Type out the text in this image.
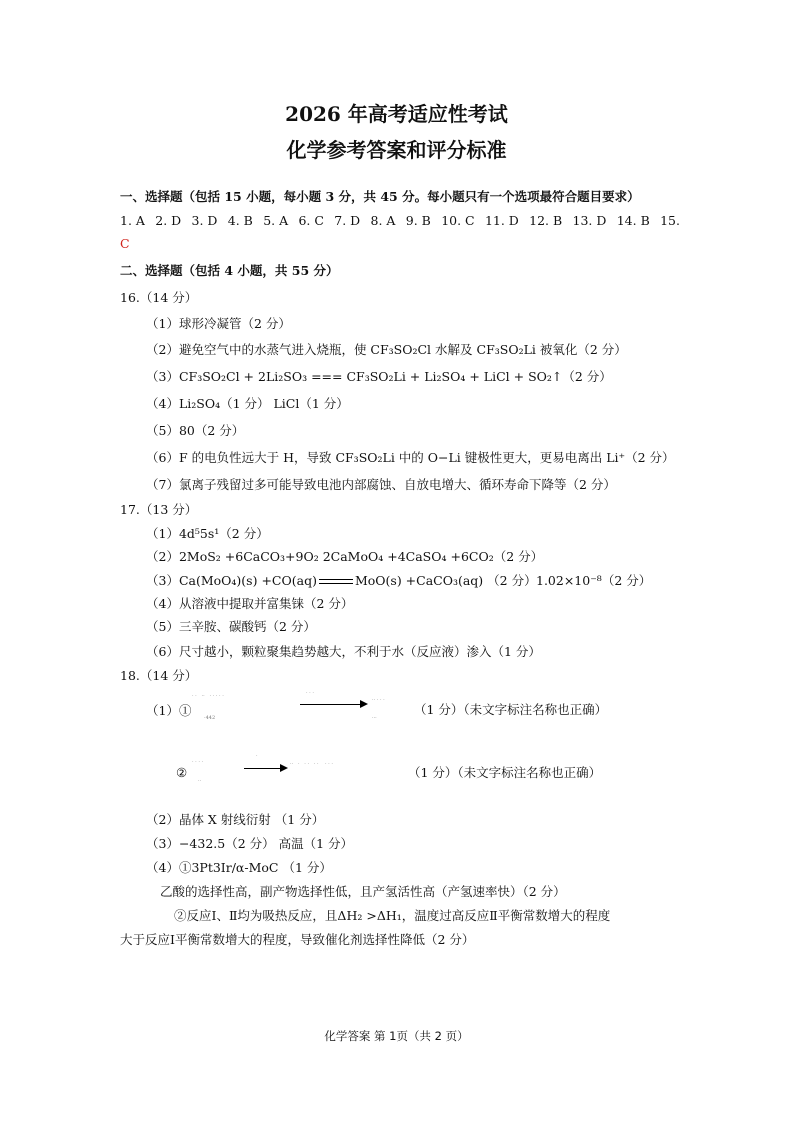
2026 年高考适应性考试
化学参考答案和评分标准
一、选择题（包括 15 小题，每小题 3 分，共 45 分。每小题只有一个选项最符合题目要求）
1. A 2. D 3. D 4. B 5. A 6. C 7. D 8. A 9. B 10. C 11. D 12. B 13. D 14. B 15.
C
二、选择题（包括 4 小题，共 55 分）
16.（14 分）
（1）球形冷凝管（2 分）
（2）避免空气中的水蒸气进入烧瓶，使 CF₃SO₂Cl 水解及 CF₃SO₂Li 被氧化（2 分）
（3）CF₃SO₂Cl + 2Li₂SO₃ === CF₃SO₂Li + Li₂SO₄ + LiCl + SO₂↑（2 分）
（4）Li₂SO₄（1 分） LiCl（1 分）
（5）80（2 分）
（6）F 的电负性远大于 H，导致 CF₃SO₂Li 中的 O−Li 键极性更大，更易电离出 Li⁺（2 分）
（7）氯离子残留过多可能导致电池内部腐蚀、自放电增大、循环寿命下降等（2 分）
17.（13 分）
（1）4d⁵5s¹（2 分）
（2）2MoS₂ +6CaCO₃+9O₂ 2CaMoO₄ +4CaSO₄ +6CO₂（2 分）
（3）Ca(MoO₄)(s) +CO(aq)	MoO(s) +CaCO₃(aq) （2 分） 1.02×10⁻⁸（2 分）
（4）从溶液中提取并富集铼（2 分）
（5）三辛胺、碳酸钙（2 分）
（6）尺寸越小，颗粒聚集趋势越大，不利于水（反应液）渗入（1 分）
18.（14 分）
（1）①
· ·   ··   · · · · ·
·442
· · ·
·· · · ·
···
（1 分）（未文字标注名称也正确）
②
· · · ·
··
·
··   ·   · ·   · ·    · · ·
（1 分）（未文字标注名称也正确）
（2）晶体 X 射线衍射 （1 分）
（3）−432.5（2 分） 高温（1 分）
（4）①3Pt3Ir/α-MoC （1 分）
乙酸的选择性高，副产物选择性低，且产氢活性高（产氢速率快）（2 分）
②反应Ⅰ、Ⅱ均为吸热反应，且ΔH₂ >ΔH₁，温度过高反应Ⅱ平衡常数增大的程度
大于反应Ⅰ平衡常数增大的程度，导致催化剂选择性降低（2 分）
化学答案 第 1页（共 2 页）
